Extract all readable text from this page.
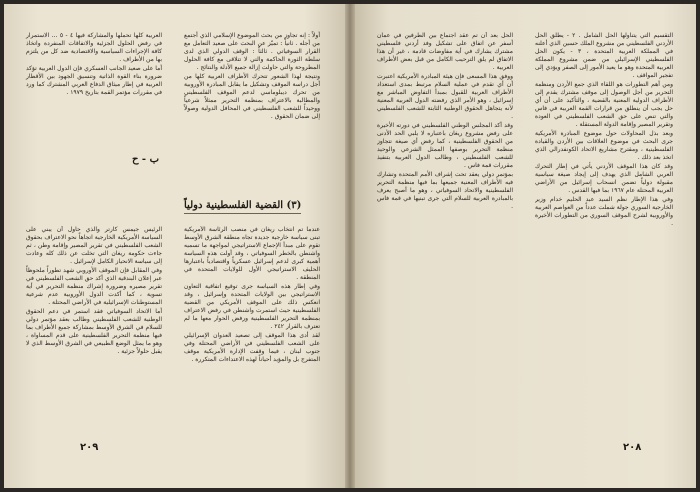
العربية كلها تحملها والمشاركة فيها ٤ - ٥ ... الاستمرار في رفض الحلول الجزئية والاتفاقات المنفردة واتخاذ كافة الإجراءات السياسية والاقتصادية ضد كل من يلتزم بها من الأطراف .

أما على صعيد الجانب العسكري فإن الدول العربية تؤكد ضرورة بناء القوة الذاتية وتنسيق الجهود بين الأقطار العربية في إطار ميثاق الدفاع العربي المشترك كما ورد في مقررات مؤتمر القمة بتاريخ ١٩٧٩ .

أولاً : إنه تجاوز من بحث الموضوع الإسلامي الذي أجتمع من أجله . ثانياً : تميّز عن البحث على صعيد التعامل مع القرار السوفياتي . ثالثاً : الوقف الدولي الذي لدى سلطة الثورة الحاكمة والتي لا تتلاقى مع كافة الحلول المطروحة والتي حاولت إزالة جميع الأدلة والنتائج .

ونتيجة لهذا الشعور تتحرك الأطراف العربية كلها من أجل دراسة الموقف وتشكيل ما يقابل المبادرة الأوروبية من تحرك ديبلوماسي لدعم الموقف الفلسطيني والمطالبة بالاعتراف بمنظمة التحرير ممثلاً شرعياً ووحيداً للشعب الفلسطيني في المحافل الدولية وصولاً إلى ضمان الحقوق .

ب - ح
(٣) القضية الفلسطينية دولياً

الرئيس جيمس كارتر والذي حاول أن يبني على السياسة الأمريكية الخارجية اتجاهاً نحو الاعتراف بحقوق الشعب الفلسطيني في تقرير المصير وإقامة وطن ، ثم جاءت حكومة ريغان التي تخلت عن ذلك كله وعادت إلى سياسة الانحياز الكامل لإسرائيل .

وفي المقابل فإن الموقف الأوروبي شهد تطوراً ملحوظاً عبر إعلان البندقية الذي أكد حق الشعب الفلسطيني في تقرير مصيره وضرورة إشراك منظمة التحرير في أية تسوية ، كما أكدت الدول الأوروبية عدم شرعية المستوطنات الإسرائيلية في الأراضي المحتلة .

أما الاتحاد السوفياتي فقد استمر في دعم الحقوق الوطنية للشعب الفلسطيني وطالب بعقد مؤتمر دولي للسلام في الشرق الأوسط بمشاركة جميع الأطراف بما فيها منظمة التحرير الفلسطينية على قدم المساواة ، وهو ما يمثل الوضع الطبيعي في الشرق الأوسط الذي لا يقبل حلولاً جزئية .

عندما تم انتخاب ريغان في منصب الرئاسة الأمريكية تبنى سياسة خارجية جديدة تجاه منطقة الشرق الأوسط تقوم على مبدأ الإجماع الاستراتيجي لمواجهة ما تسميه واشنطن بالخطر السوفياتي ، وقد أولت هذه السياسة أهمية كبرى لدعم إسرائيل عسكرياً واقتصادياً باعتبارها الحليف الاستراتيجي الأول للولايات المتحدة في المنطقة .

وفي إطار هذه السياسة جرى توقيع اتفاقية التعاون الاستراتيجي بين الولايات المتحدة وإسرائيل ، وقد انعكس ذلك على الموقف الأمريكي من القضية الفلسطينية حيث استمرت واشنطن في رفض الاعتراف بمنظمة التحرير الفلسطينية ورفض الحوار معها ما لم تعترف بالقرار ٢٤٢ .

لقد أدى هذا الموقف إلى تصعيد العدوان الإسرائيلي على الشعب الفلسطيني في الأراضي المحتلة وفي جنوب لبنان ، فيما وقفت الإدارة الأمريكية موقف المتفرج بل والمؤيد أحياناً لهذه الاعتداءات المتكررة .

٢٠٩

الحل بعد أن تم عقد اجتماع بين الطرفين في عمان أسفر عن اتفاق على تشكيل وفد أردني فلسطيني مشترك يشارك في أية مفاوضات قادمة ، غير أن هذا الاتفاق لم يلق الترحيب الكامل من قبل بعض الأطراف العربية .

ووفق هذا المسعى فإن هيئة المبادرة الأمريكية اعتبرت أن أي تقدم في عملية السلام مرتبط بمدى استعداد الأطراف العربية للقبول بمبدأ التفاوض المباشر مع إسرائيل ، وهو الأمر الذي رفضته الدول العربية المعنية لأنه يتجاهل الحقوق الوطنية الثابتة للشعب الفلسطيني .

وقد أكد المجلس الوطني الفلسطيني في دورته الأخيرة على رفض مشروع ريغان باعتباره لا يلبي الحد الأدنى من الحقوق الفلسطينية ، كما رفض أي صيغة تتجاوز منظمة التحرير بوصفها الممثل الشرعي والوحيد للشعب الفلسطيني ، وطالب الدول العربية بتنفيذ مقررات قمة فاس .

بمؤتمر دولي يعقد تحت إشراف الأمم المتحدة وتشارك فيه الأطراف المعنية جميعها بما فيها منظمة التحرير الفلسطينية والاتحاد السوفياتي ، وهو ما أصبح يعرف بالمبادرة العربية للسلام التي جرى تبنيها في قمة فاس .

التقسيم التي يتناولها الحل الشامل . ٢ - يطلق الحل الأردني الفلسطيني من مشروع الملك حسين الذي أعلنه في المملكة العربية المتحدة ، ٣ - يكون الحل الفلسطيني الإسرائيلي من ضمن مشروع المملكة العربية المتحدة وهو ما يعيد الأمور إلى الصفر ويؤدي إلى تفجير المواقف .

ومن أهم التطورات هو اللقاء الذي جمع الأردن ومنظمة التحرير من أجل الوصول إلى موقف مشترك يقدم إلى الأطراف الدولية المعنية بالقضية ، والتأكيد على أن أي حل يجب أن ينطلق من قرارات القمة العربية في فاس والتي تنص على حق الشعب الفلسطيني في العودة وتقرير المصير وإقامة الدولة المستقلة .

وبعد بذل المحاولات حول موضوع المبادرة الأمريكية جرى البحث في موضوع العلاقات بين الأردن والقيادة الفلسطينية ، ومقترح مشاريع الاتحاد الكونفدرالي الذي اتخذ بعد ذلك .

وقد كان هذا الموقف الأردني يأتي في إطار التحرك العربي الشامل الذي يهدف إلى إيجاد صيغة سياسية مقبولة دولياً تضمن انسحاب إسرائيل من الأراضي العربية المحتلة عام ١٩٦٧ بما فيها القدس .

وفي هذا الإطار نظم السيد عبد الحليم خدام وزير الخارجية السوري جولة شملت عدداً من العواصم العربية والأوروبية لشرح الموقف السوري من التطورات الأخيرة .

٢٠٨
